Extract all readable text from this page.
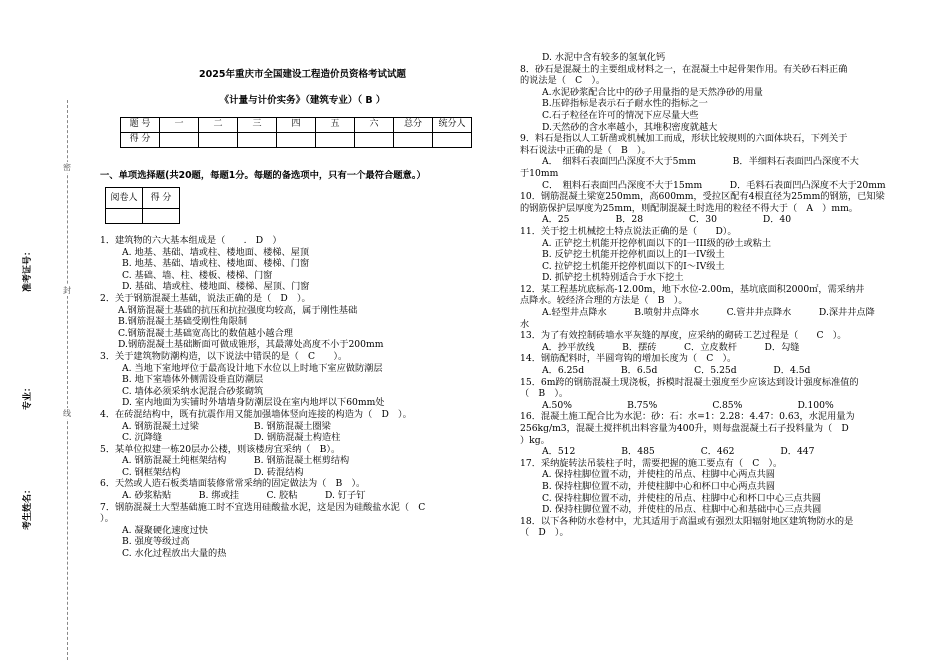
密
封
线
准考证号：
专业：
考生姓名：
2025年重庆市全国建设工程造价员资格考试试题
《计量与计价实务》（建筑专业）（ B ）
题 号	一	二	三	四	五	六	总分	统分人
得 分								
一、单项选择题(共20题，每题1分。每题的备选项中，只有一个最符合题意。）
阅卷人	得 分

1．建筑物的六大基本组成是（　　.　D　）
A. 地基、基础、墙或柱、楼地面、楼梯、屋顶
B. 地基、基础、墙或柱、楼地面、楼梯、门窗
C. 基础、墙、柱、楼板、楼梯、门窗
D. 基础、墙或柱、楼地面、楼梯、屋顶、门窗
2．关于钢筋混凝土基础，说法正确的是（　D　）。
A.钢筋混凝土基础的抗压和抗拉强度均较高，属于刚性基础
B.钢筋混凝土基础受刚性角限制
C.钢筋混凝土基础宽高比的数值越小越合理
D.钢筋混凝土基础断面可做成锥形，其最薄处高度不小于200mm
3．关于建筑物防潮构造，以下说法中错误的是（　C　　）。
A. 当地下室地坪位于最高设计地下水位以上时地下室应做防潮层
B. 地下室墙体外侧需设垂直防潮层
C. 墙体必须采纳水泥混合砂浆砌筑
D. 室内地面为实铺时外墙墙身防潮层设在室内地坪以下60mm处
4．在砖混结构中，既有抗震作用又能加强墙体竖向连接的构造为（　D　）。
A. 钢筋混凝土过梁　　　　　　B. 钢筋混凝土圈梁
C. 沉降缝　　　　　　　　　　D. 钢筋混凝土构造柱
5．某单位拟建一栋20层办公楼，则该楼房宜采纳（　B）。
A. 钢筋混凝土纯框架结构　　　B. 钢筋混凝土框剪结构
C. 钢框架结构　　　　　　　　D. 砖混结构
6．天然或人造石板类墙面装修常常采纳的固定做法为（　B　）。
A. 砂浆粘贴　　　B. 绑或挂　　　C. 胶粘　　　D. 钉子钉
7．钢筋混凝土大型基础施工时不宜选用硅酸盐水泥，这是因为硅酸盐水泥（　C
）。
A. 凝聚硬化速度过快
B. 强度等级过高
C. 水化过程放出大量的热
D. 水泥中含有较多的氢氧化钙
8．砂石是混凝土的主要组成材料之一，在混凝土中起骨架作用。有关砂石料正确
的说法是（　C　）。
A.水泥砂浆配合比中的砂子用量指的是天然净砂的用量
B.压碎指标是表示石子耐水性的指标之一
C.石子粒径在许可的情况下应尽量大些
D.天然砂的含水率越小，其堆积密度就越大
9．料石是指以人工斩凿或机械加工而成，形状比较规则的六面体块石，下列关于
料石说法中正确的是（　B　）。
A．　细料石表面凹凸深度不大于5mm　　　　B．半细料石表面凹凸深度不大
于10mm
C．　粗料石表面凹凸深度不大于15mm　　　D．毛料石表面凹凸深度不大于20mm
10．钢筋混凝土梁宽250mm，高600mm，受拉区配有4根直径为25mm的钢筋，已知梁
的钢筋保护层厚度为25mm，则配制混凝土时选用的粒径不得大于（　A　）mm。
A．25　　　　　B．28　　　　　C．30　　　　　D．40
11．关于挖土机械挖土特点说法正确的是（　　D）。
A. 正铲挖土机能开挖停机面以下的I一III级的砂土或粘土
B. 反铲挖土机能开挖停机面以上的I一IV级土
C. 拉铲挖土机能开挖停机面以下的I～IV级土
D. 抓铲挖土机特别适合于水下挖土
12．某工程基坑底标高-12.00m，地下水位-2.00m，基坑底面积2000㎡，需采纳井
点降水。较经济合理的方法是（　B　）。
A.轻型井点降水　　　B.喷射井点降水　　　C.管井井点降水　　　D.深井井点降
水
13．为了有效控制砖墙水平灰缝的厚度，应采纳的砌砖工艺过程是（　　C　）。
A．抄平放线　　　B．摆砖　　　C．立皮数杆　　　D．勾缝
14．钢筋配料时，半圆弯钩的增加长度为（　C　）。
A．6.25d　　　　B．6.5d　　　　C．5.25d　　　　D．4.5d
15．6m跨的钢筋混凝土现浇板，拆模时混凝土强度至少应该达到设计强度标准值的
（　B　）。
A.50%　　　　　　B.75%　　　　　　C.85%　　　　　　D.100%
16．混凝土施工配合比为水泥：砂：石：水=1：2.28：4.47：0.63，水泥用量为
256kg/m3，混凝土搅拌机出料容量为400升，则每盘混凝土石子投料量为（　D
）kg。
A．512　　　　　B．485　　　　　C．462　　　　　D．447
17．采纳旋转法吊装柱子时，需要把握的施工要点有（　C　）。
A. 保持柱脚位置不动，并使柱的吊点、柱脚中心两点共圆
B. 保持柱脚位置不动，并使柱脚中心和杯口中心两点共圆
C. 保持柱脚位置不动，并使柱的吊点、柱脚中心和杯口中心三点共圆
D. 保持柱脚位置不动，并使柱的吊点、柱脚中心和基础中心三点共圆
18．以下各种防水卷材中，尤其适用于高温或有强烈太阳辐射地区建筑物防水的是
（　D　）。
